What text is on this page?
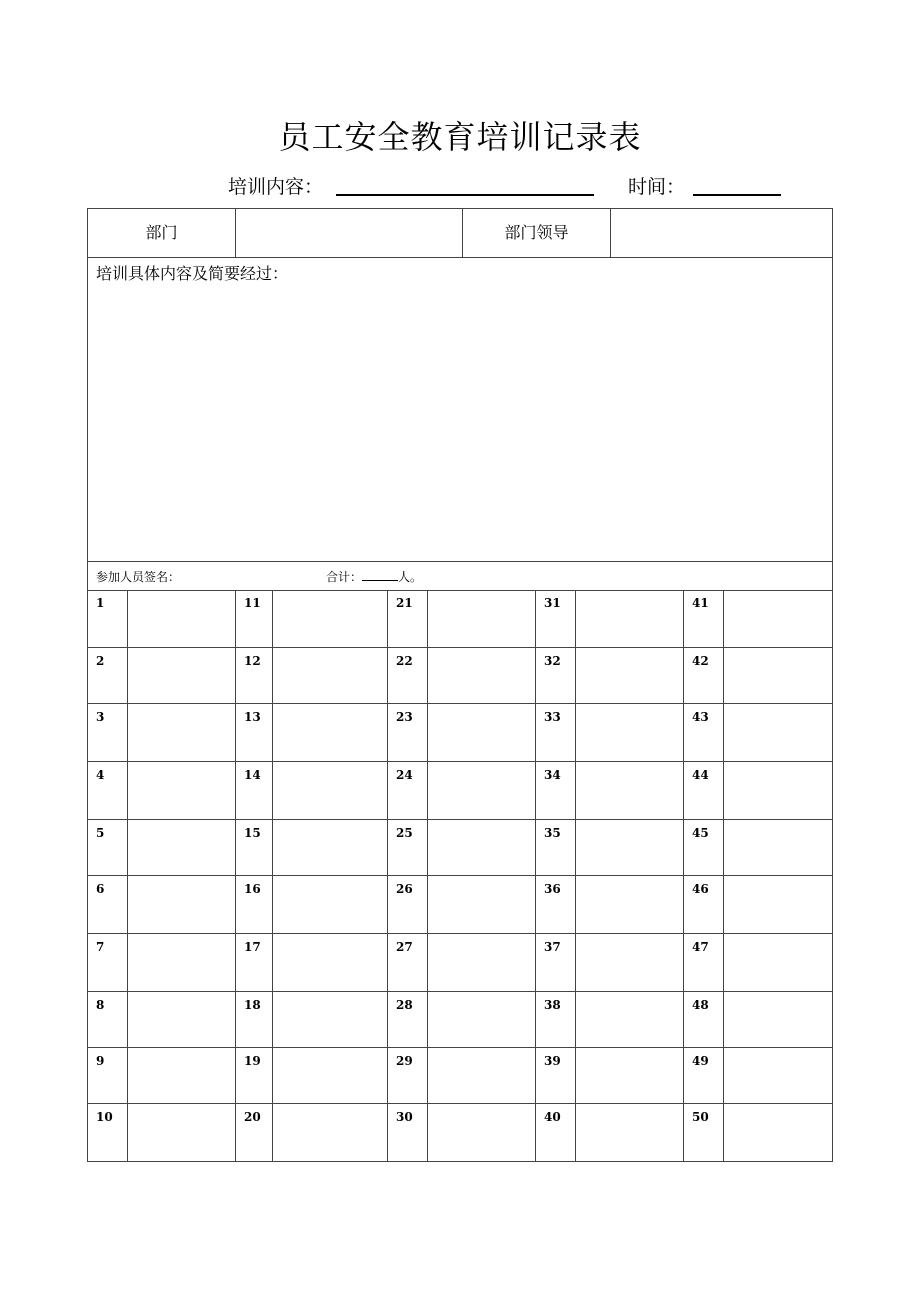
员工安全教育培训记录表
培训内容：	时间：
部门	部门领导
培训具体内容及简要经过：
参加人员签名：	合计：	人。
1	11	21	31	41
2	12	22	32	42
3	13	23	33	43
4	14	24	34	44
5	15	25	35	45
6	16	26	36	46
7	17	27	37	47
8	18	28	38	48
9	19	29	39	49
10	20	30	40	50
